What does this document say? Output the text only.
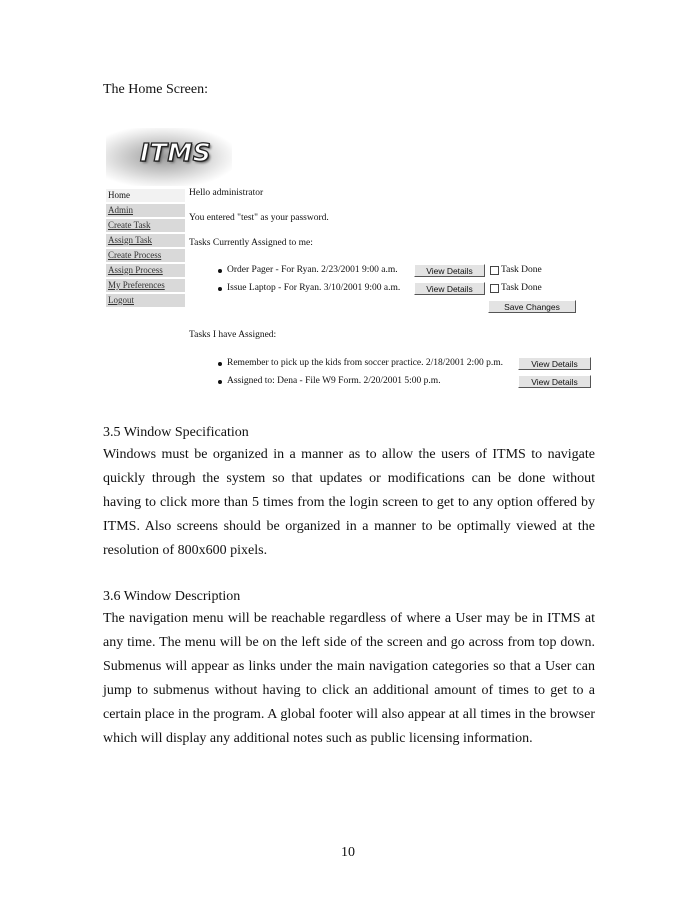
The Home Screen:
ITMS
Home
Admin
Create Task
Assign Task
Create Process
Assign Process
My Preferences
Logout
Hello administrator
You entered "test" as your password.
Tasks Currently Assigned to me:
Order Pager - For Ryan. 2/23/2001 9:00 a.m.	View Details	Task Done
Issue Laptop - For Ryan. 3/10/2001 9:00 a.m.	View Details	Task Done
Save Changes
Tasks I have Assigned:
Remember to pick up the kids from soccer practice. 2/18/2001 2:00 p.m.	View Details
Assigned to: Dena - File W9 Form. 2/20/2001 5:00 p.m.	View Details
3.5 Window Specification
Windows must be organized in a manner as to allow the users of ITMS to navigate quickly through the system so that updates or modifications can be done without having to click more than 5 times from the login screen to get to any option offered by ITMS. Also screens should be organized in a manner to be optimally viewed at the resolution of 800x600 pixels.
3.6 Window Description
The navigation menu will be reachable regardless of where a User may be in ITMS at any time. The menu will be on the left side of the screen and go across from top down. Submenus will appear as links under the main navigation categories so that a User can jump to submenus without having to click an additional amount of times to get to a certain place in the program. A global footer will also appear at all times in the browser which will display any additional notes such as public licensing information.
10
